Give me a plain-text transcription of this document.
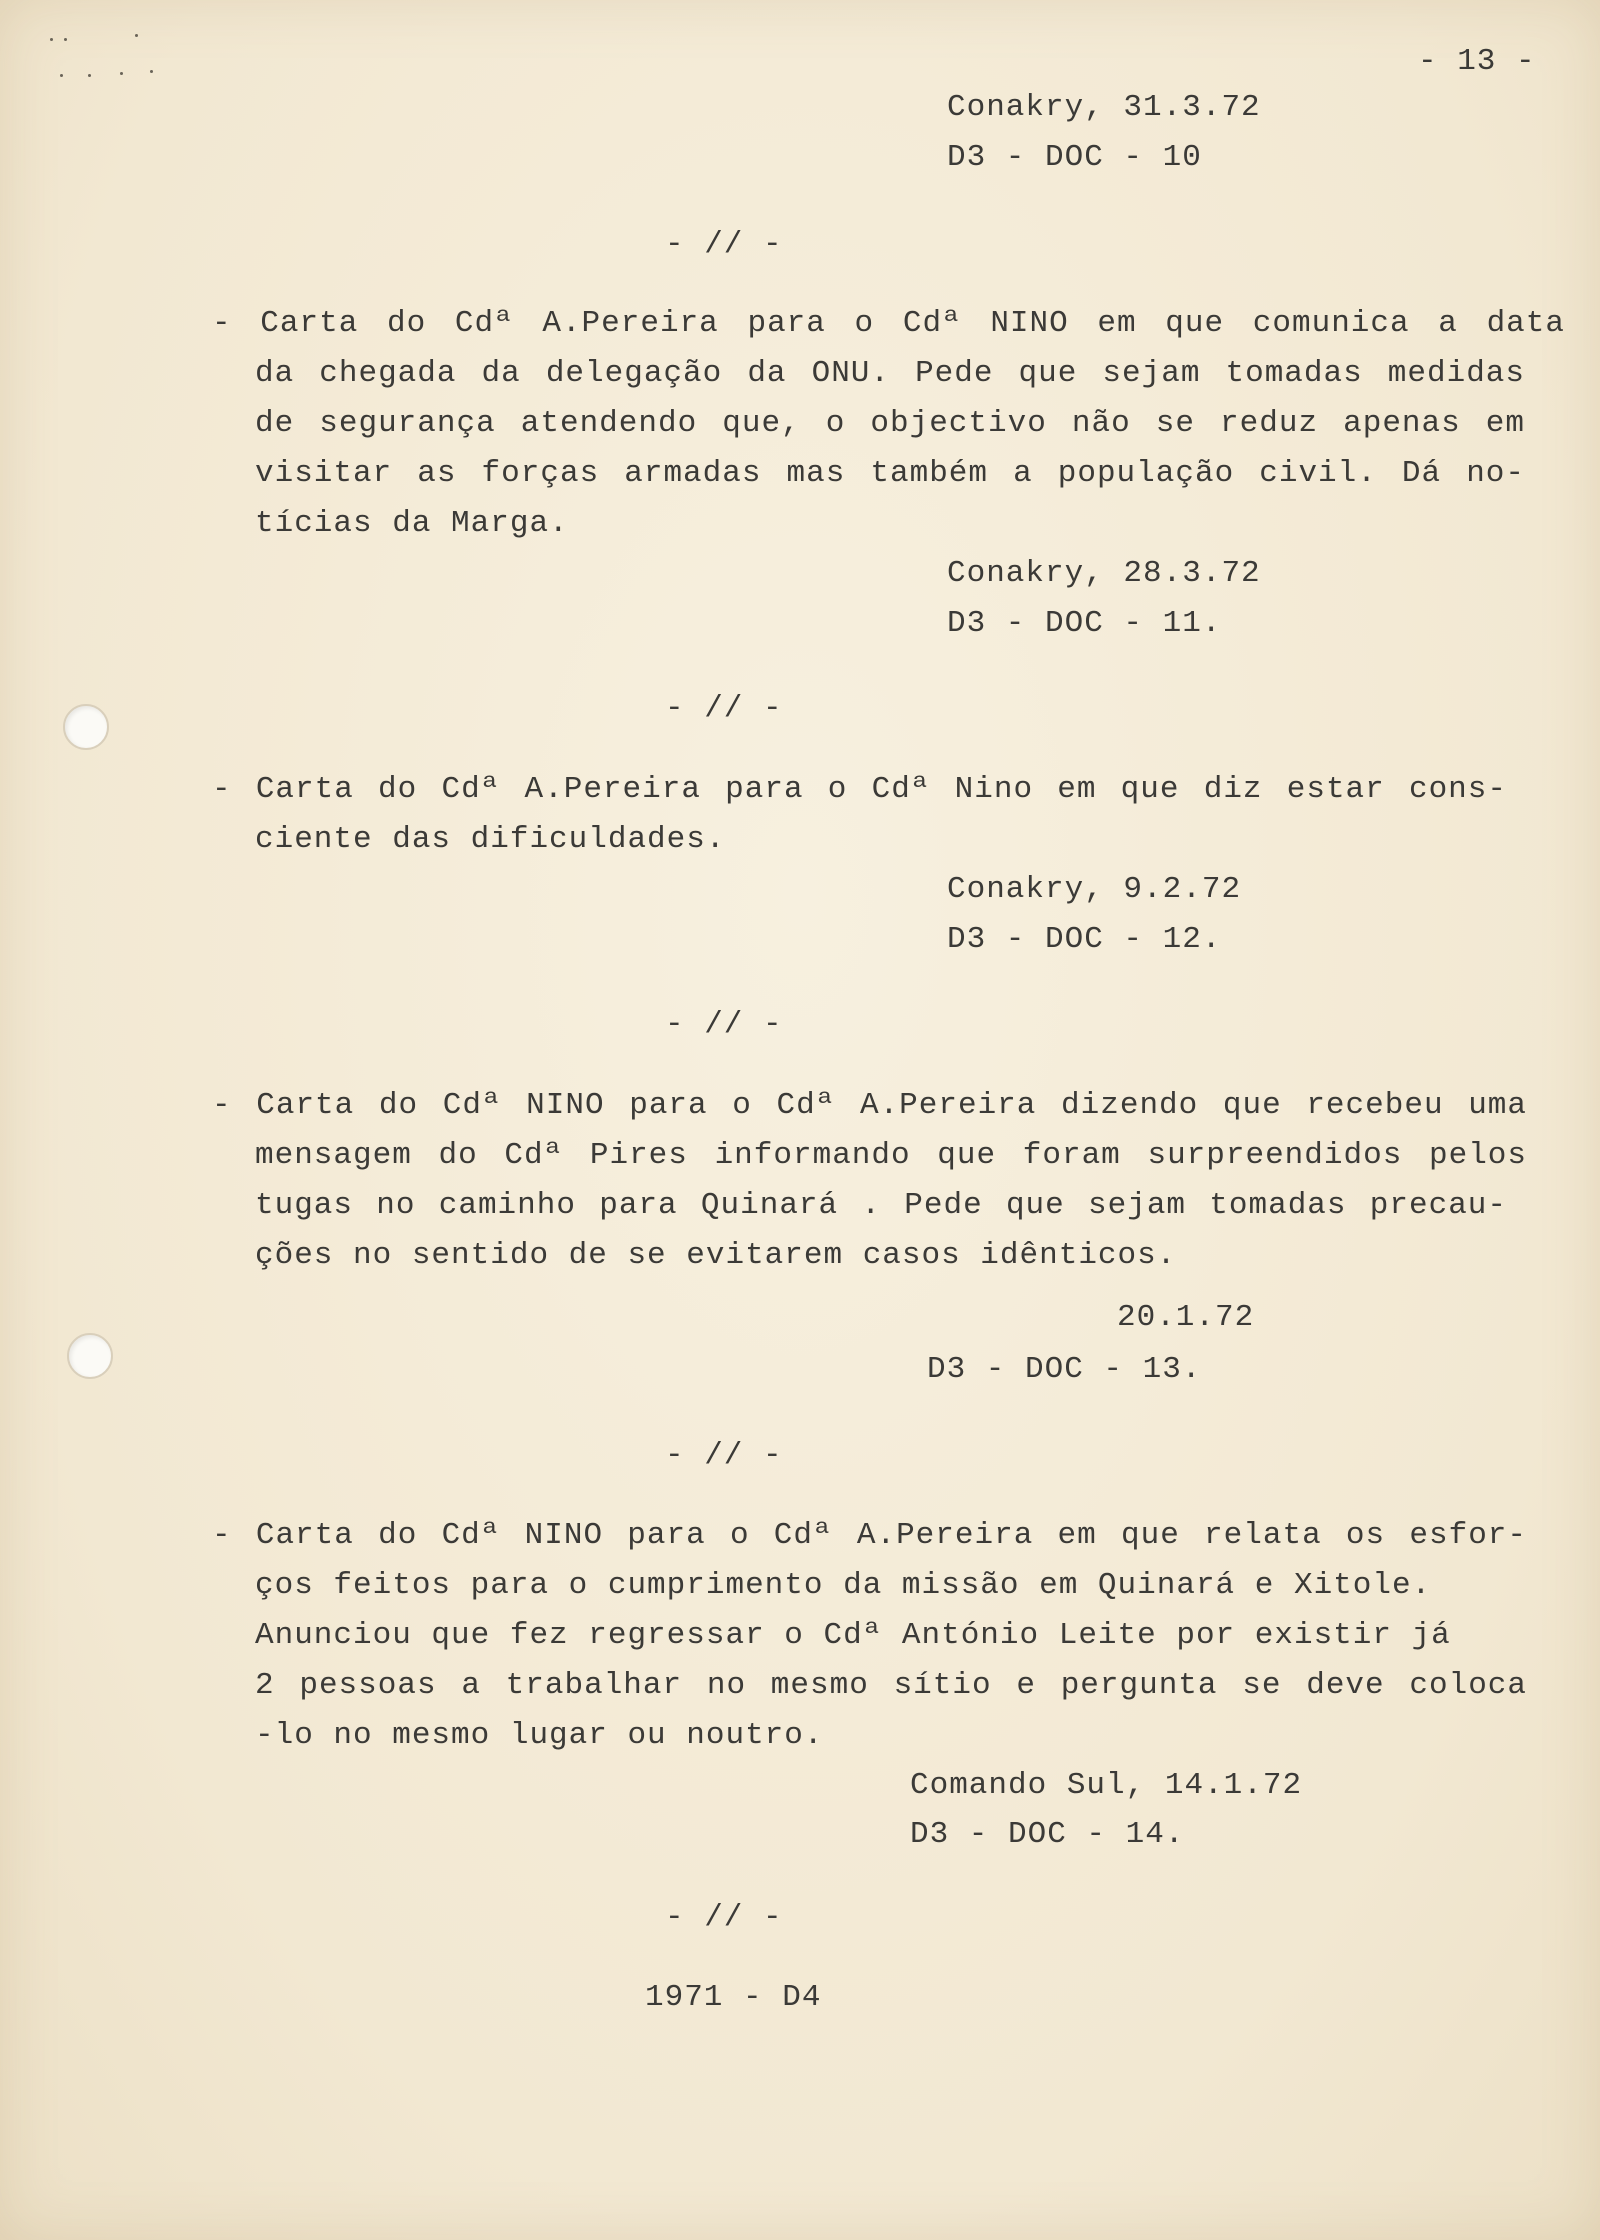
- 13 -
Conakry, 31.3.72
D3 - DOC - 10
- // -
- Carta do Cdª A.Pereira para o Cdª NINO em que comunica a data
da chegada da delegação da ONU. Pede que sejam tomadas medidas
de segurança atendendo que, o objectivo não se reduz apenas em
visitar as forças armadas mas também a população civil. Dá no-
tícias da Marga.
Conakry, 28.3.72
D3 - DOC - 11.
- // -
- Carta do Cdª A.Pereira para o Cdª Nino em que diz estar cons-
ciente das dificuldades.
Conakry, 9.2.72
D3 - DOC - 12.
- // -
- Carta do Cdª NINO para o Cdª A.Pereira dizendo que recebeu uma
mensagem do Cdª Pires informando que foram surpreendidos pelos
tugas no caminho para Quinará . Pede que sejam tomadas precau-
ções no sentido de se evitarem casos idênticos.
20.1.72
D3 - DOC - 13.
- // -
- Carta do Cdª NINO para o Cdª A.Pereira em que relata os esfor-
ços feitos para o cumprimento da missão em Quinará e Xitole.
Anunciou que fez regressar o Cdª António Leite por existir já
2 pessoas a trabalhar no mesmo sítio e pergunta se deve coloca
-lo no mesmo lugar ou noutro.
Comando Sul, 14.1.72
D3 - DOC - 14.
- // -
1971 - D4
